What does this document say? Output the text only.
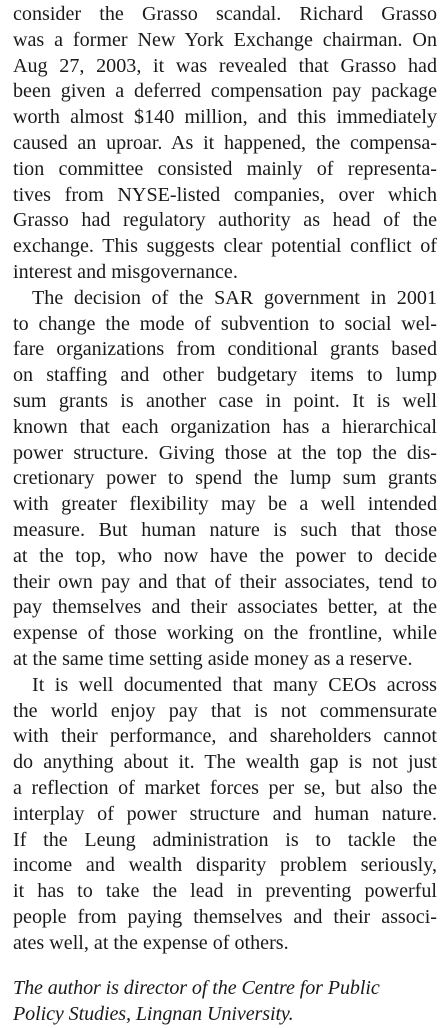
consider the Grasso scandal. Richard Grasso
was a former New York Exchange chairman. On
Aug 27, 2003, it was revealed that Grasso had
been given a deferred compensation pay package
worth almost $140 million, and this immediately
caused an uproar. As it happened, the compensa-
tion committee consisted mainly of representa-
tives from NYSE-listed companies, over which
Grasso had regulatory authority as head of the
exchange. This suggests clear potential conflict of
interest and misgovernance.
The decision of the SAR government in 2001
to change the mode of subvention to social wel-
fare organizations from conditional grants based
on staffing and other budgetary items to lump
sum grants is another case in point. It is well
known that each organization has a hierarchical
power structure. Giving those at the top the dis-
cretionary power to spend the lump sum grants
with greater flexibility may be a well intended
measure. But human nature is such that those
at the top, who now have the power to decide
their own pay and that of their associates, tend to
pay themselves and their associates better, at the
expense of those working on the frontline, while
at the same time setting aside money as a reserve.
It is well documented that many CEOs across
the world enjoy pay that is not commensurate
with their performance, and shareholders cannot
do anything about it. The wealth gap is not just
a reflection of market forces per se, but also the
interplay of power structure and human nature.
If the Leung administration is to tackle the
income and wealth disparity problem seriously,
it has to take the lead in preventing powerful
people from paying themselves and their associ-
ates well, at the expense of others.
The author is director of the Centre for Public
Policy Studies, Lingnan University.
